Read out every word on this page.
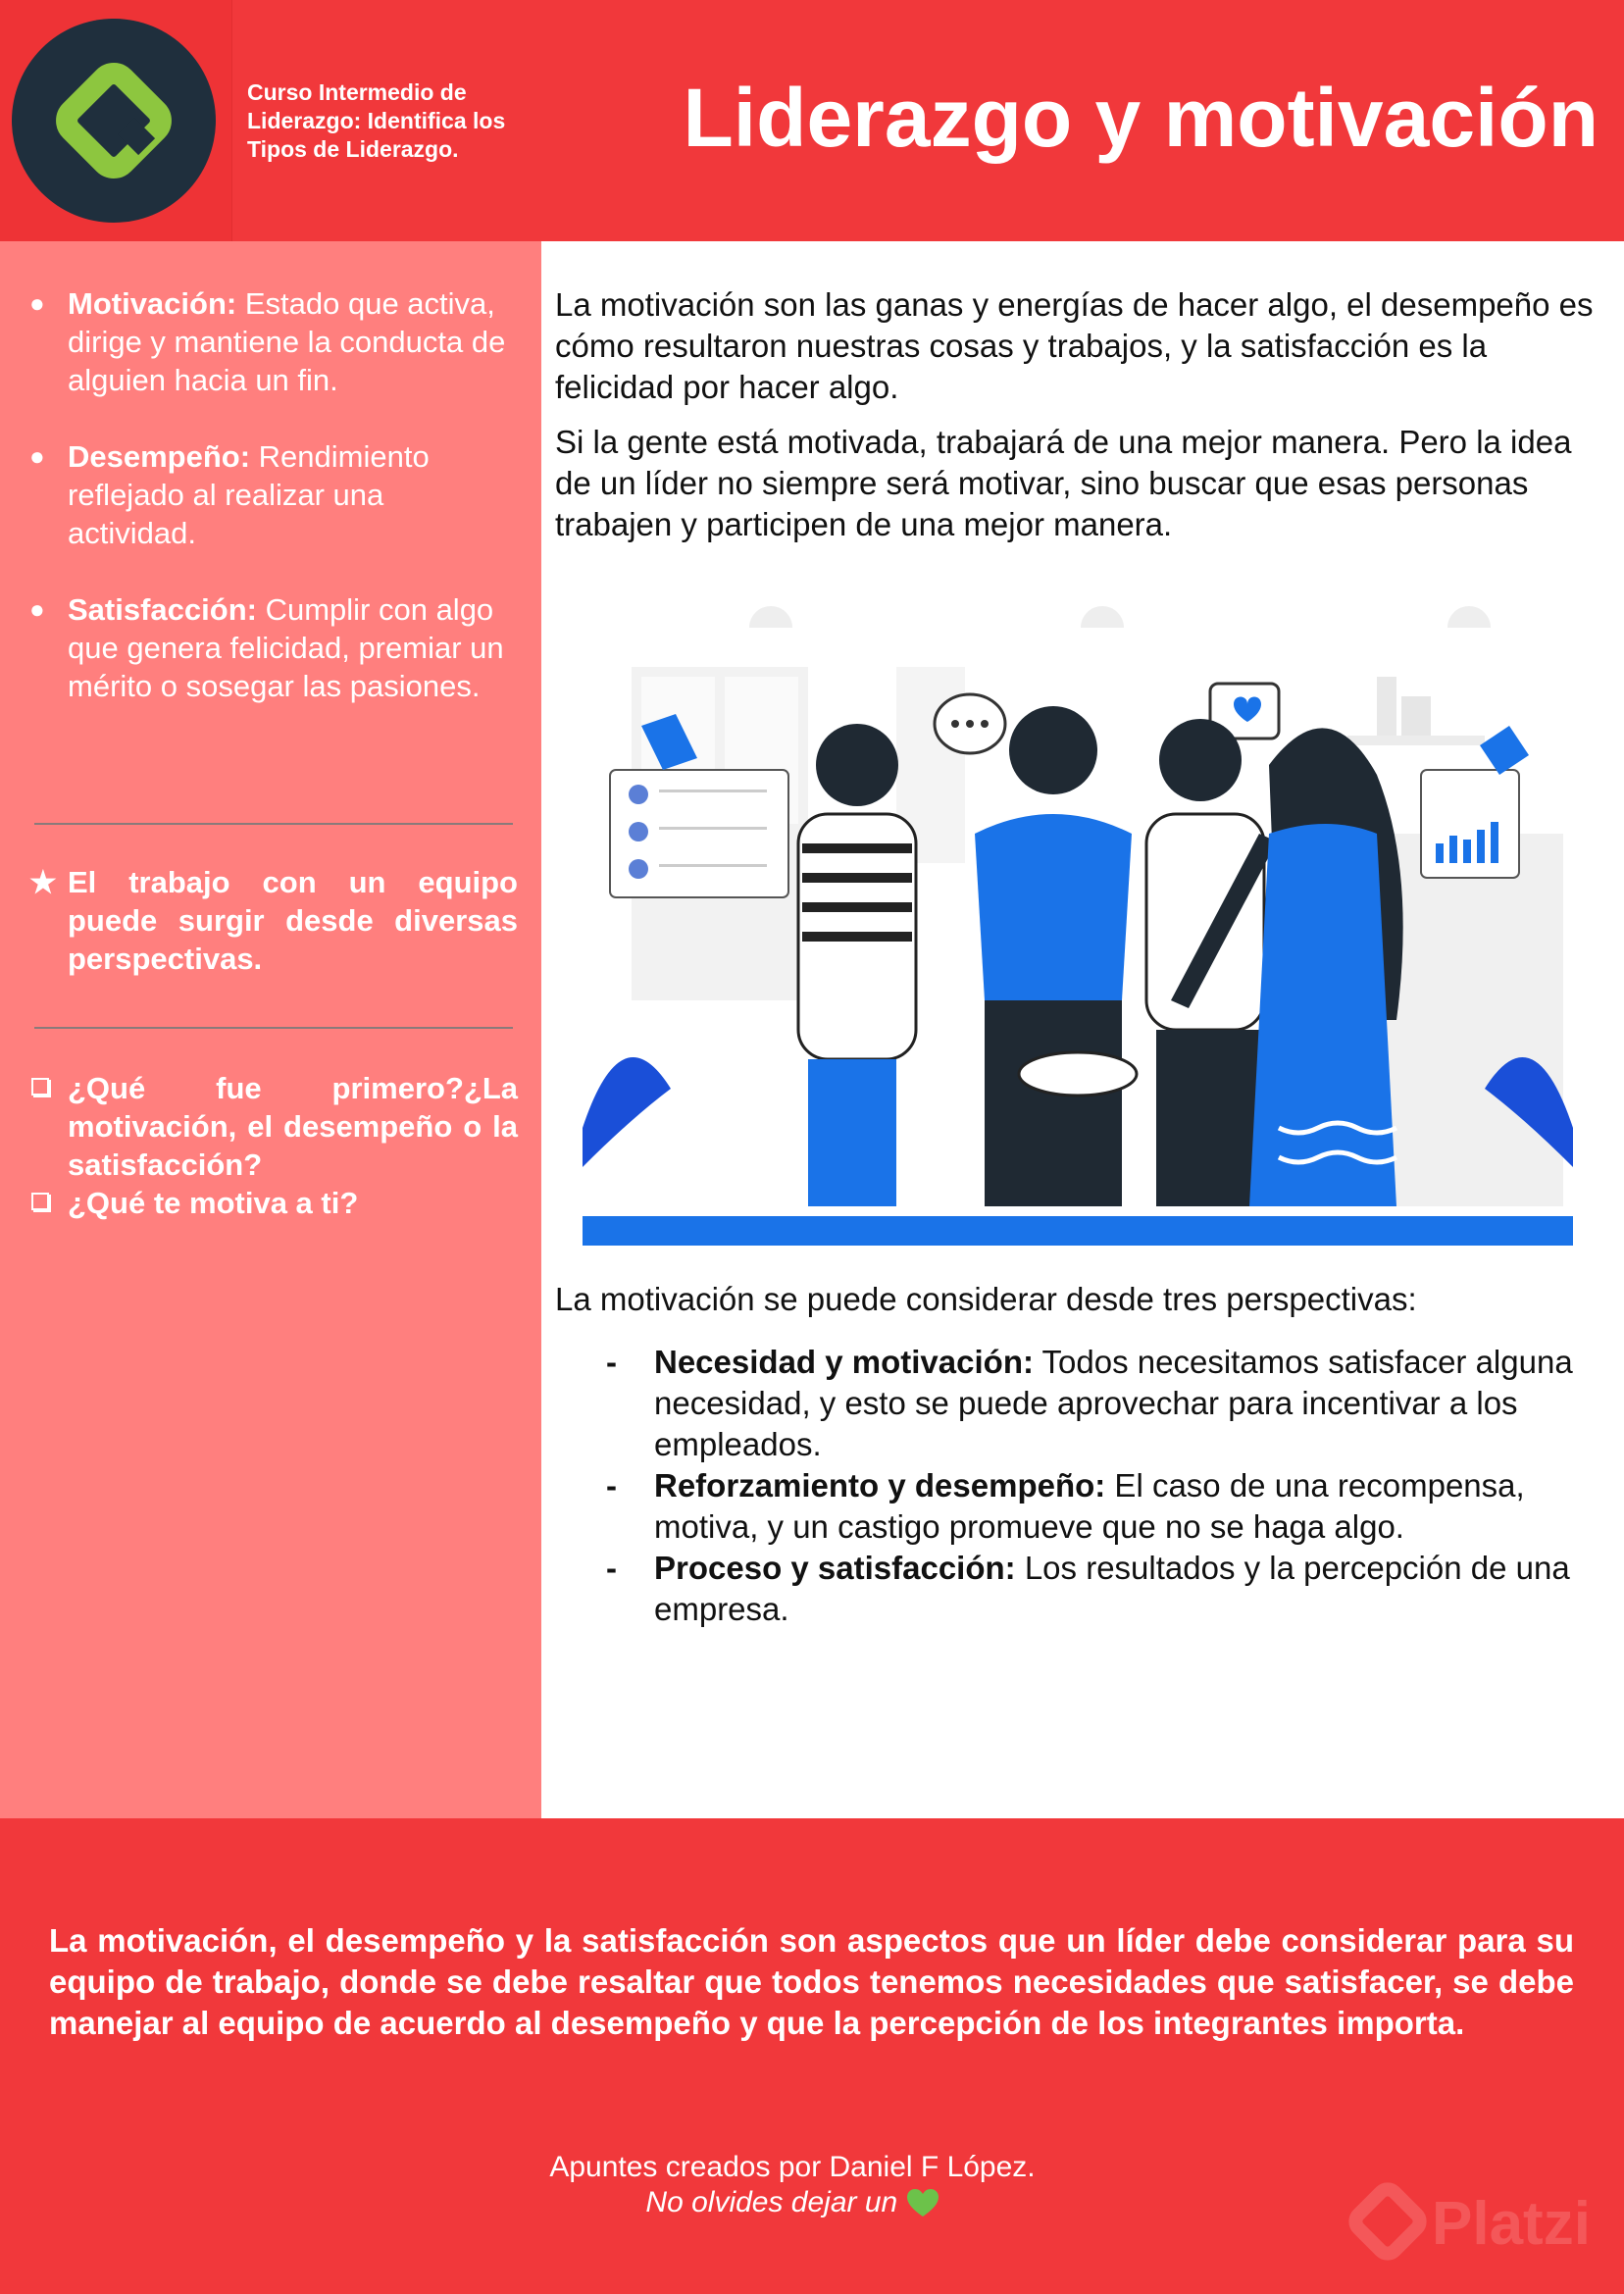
Curso Intermedio de Liderazgo: Identifica los Tipos de Liderazgo.	Liderazgo y motivación
● Motivación: Estado que activa, dirige y mantiene la conducta de alguien hacia un fin.
● Desempeño: Rendimiento reflejado al realizar una actividad.
● Satisfacción: Cumplir con algo que genera felicidad, premiar un mérito o sosegar las pasiones.
★ El trabajo con un equipo puede surgir desde diversas perspectivas.
¿Qué fue primero?¿La motivación, el desempeño o la satisfacción?
¿Qué te motiva a ti?

La motivación son las ganas y energías de hacer algo, el desempeño es cómo resultaron nuestras cosas y trabajos, y la satisfacción es la felicidad por hacer algo.

Si la gente está motivada, trabajará de una mejor manera. Pero la idea de un líder no siempre será motivar, sino buscar que esas personas trabajen y participen de una mejor manera.

La motivación se puede considerar desde tres perspectivas:
- Necesidad y motivación: Todos necesitamos satisfacer alguna necesidad, y esto se puede aprovechar para incentivar a los empleados.
- Reforzamiento y desempeño: El caso de una recompensa, motiva, y un castigo promueve que no se haga algo.
- Proceso y satisfacción: Los resultados y la percepción de una empresa.
La motivación, el desempeño y la satisfacción son aspectos que un líder debe considerar para su equipo de trabajo, donde se debe resaltar que todos tenemos necesidades que satisfacer, se debe manejar al equipo de acuerdo al desempeño y que la percepción de los integrantes importa.
Apuntes creados por Daniel F López.
No olvides dejar un	Platzi
